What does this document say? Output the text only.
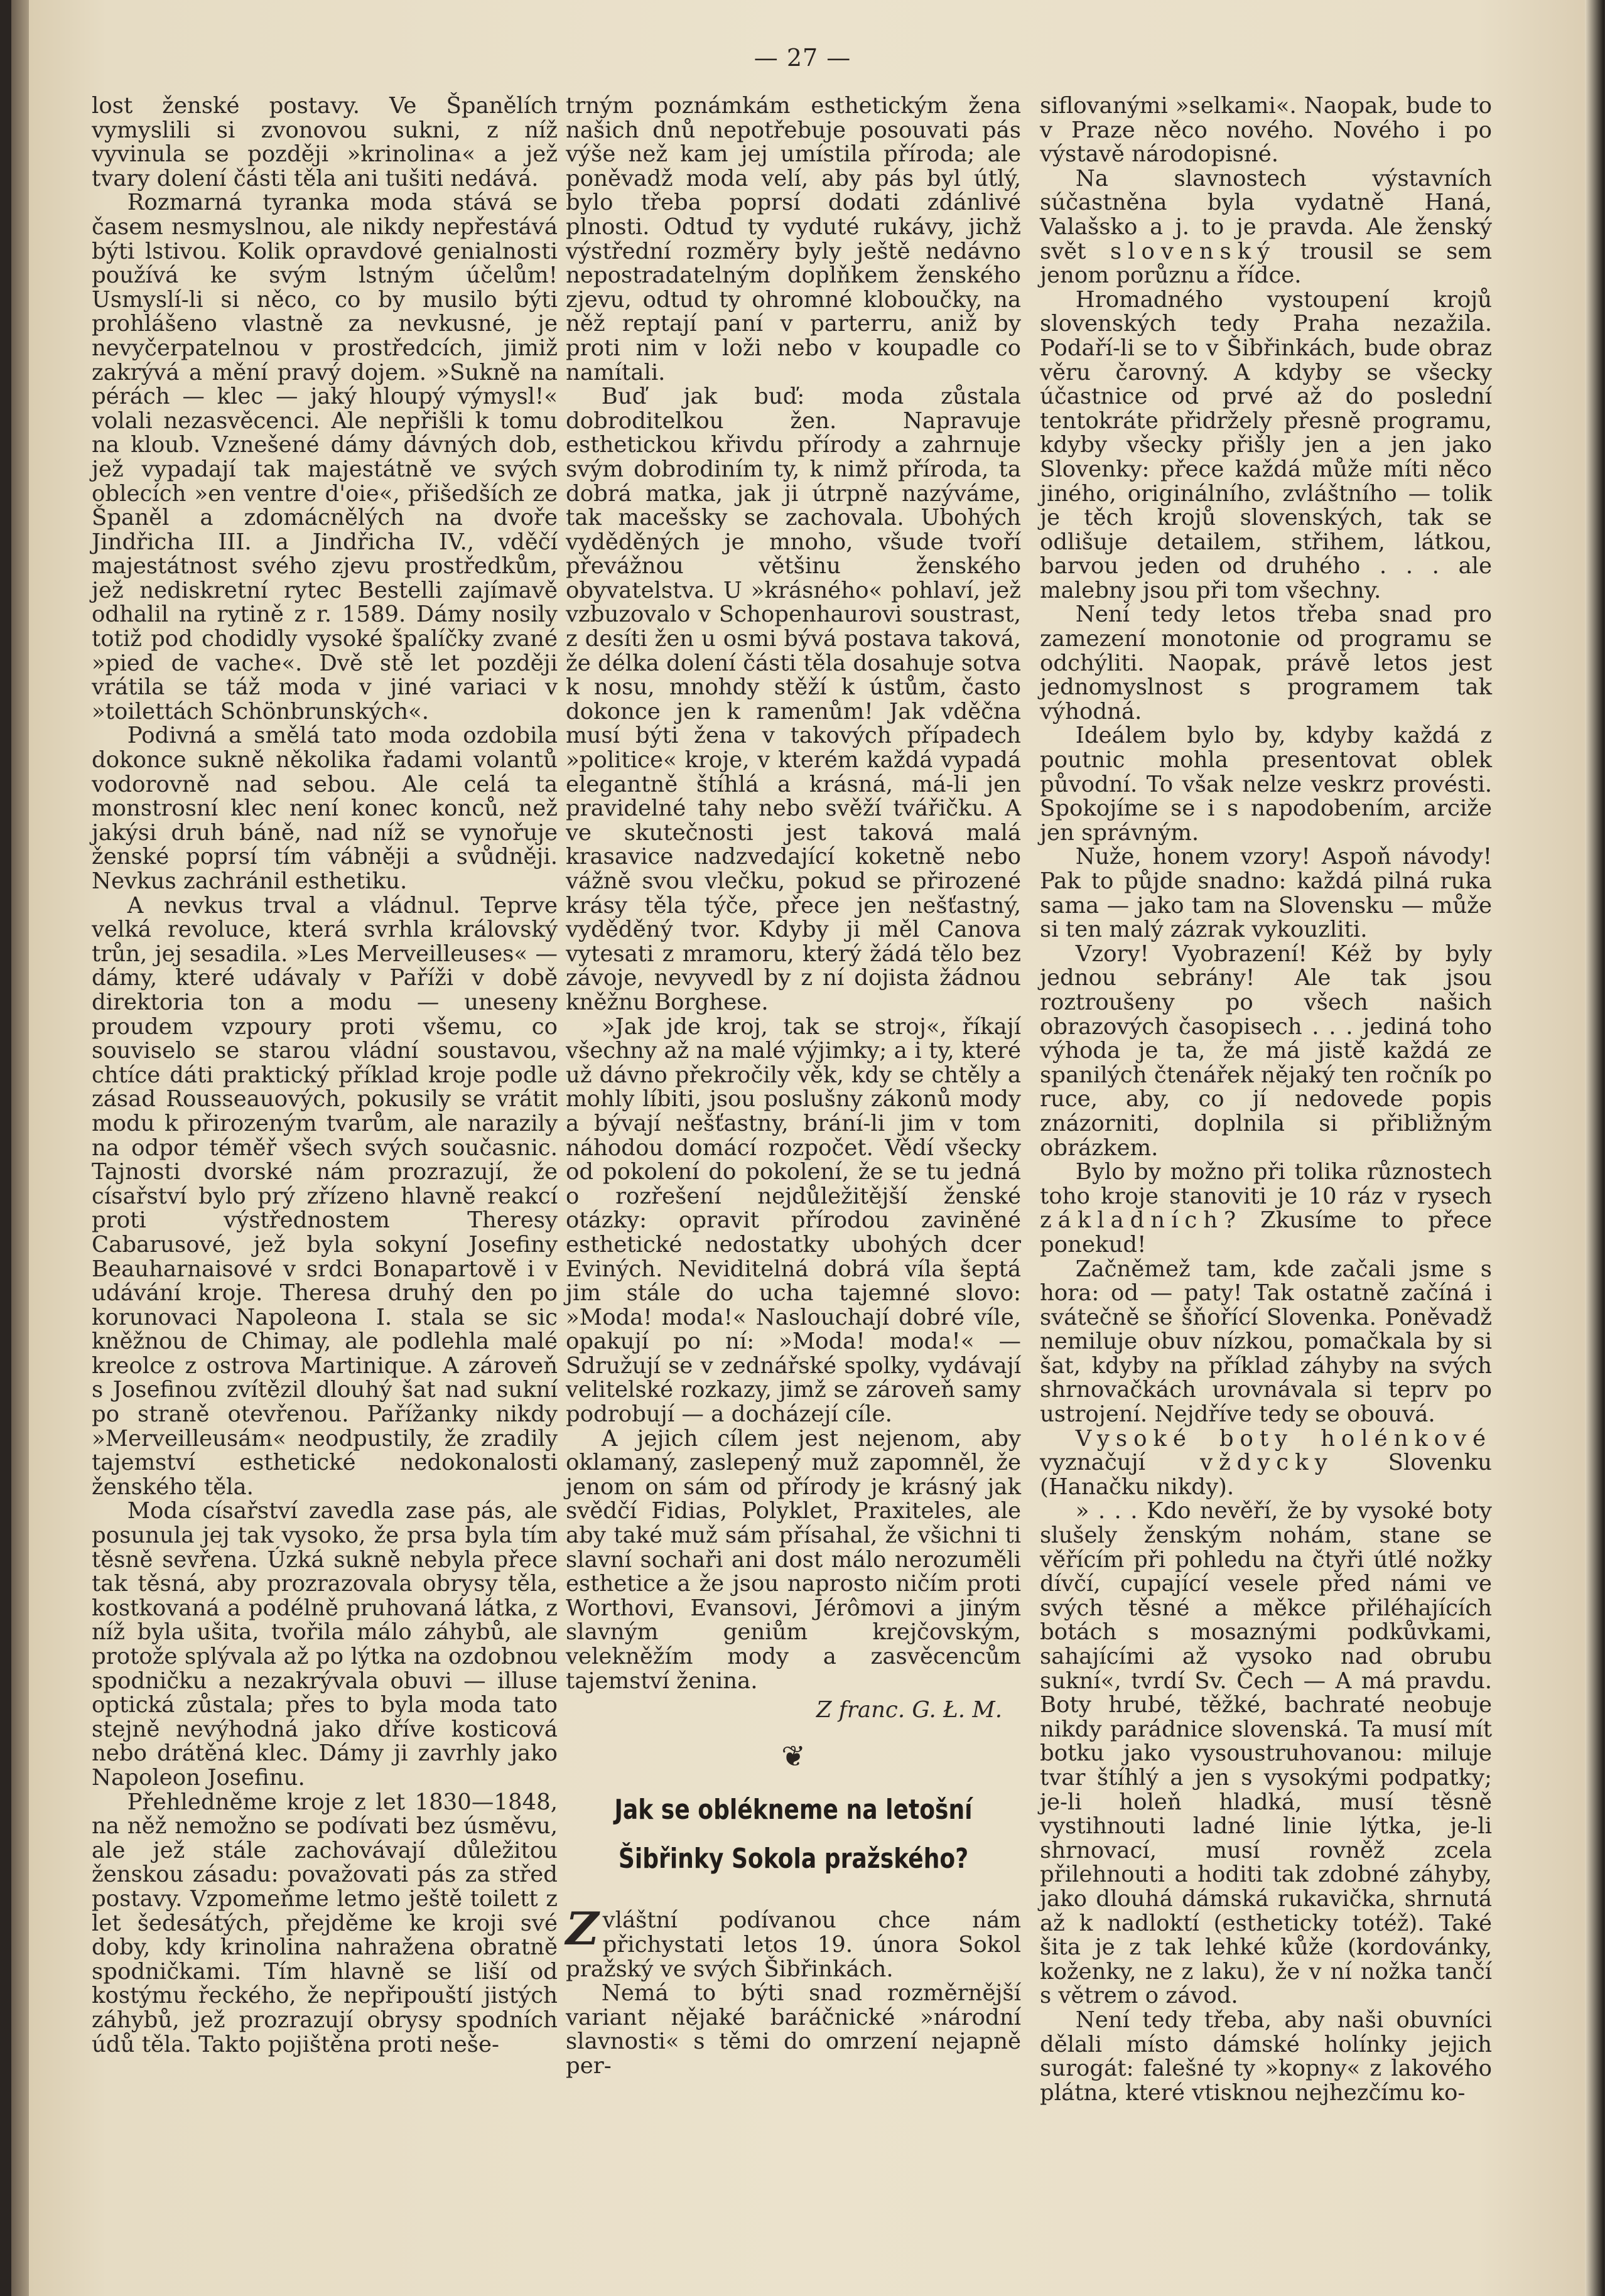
— 27 —

lost ženské postavy. Ve Španělích vymyslili si zvonovou sukni, z níž vyvinula se později »krinolina« a jež tvary dolení části těla ani tušiti nedává.

Rozmarná tyranka moda stává se časem nesmyslnou, ale nikdy nepřestává býti lstivou. Kolik opravdové genialnosti používá ke svým lstným účelům! Usmyslí-li si něco, co by musilo býti prohlášeno vlastně za nevkusné, je nevyčerpatelnou v prostředcích, jimiž zakrývá a mění pravý dojem. »Sukně na pérách — klec — jaký hloupý výmysl!« volali nezasvěcenci. Ale nepřišli k tomu na kloub. Vznešené dámy dávných dob, jež vypadají tak majestátně ve svých oblecích »en ventre d'oie«, přišedších ze Španěl a zdomácnělých na dvoře Jindřicha III. a Jindřicha IV., vděčí majestátnost svého zjevu prostředkům, jež nediskretní rytec Bestelli zajímavě odhalil na rytině z r. 1589. Dámy nosily totiž pod chodidly vysoké špalíčky zvané »pied de vache«. Dvě stě let později vrátila se táž moda v jiné variaci v »toilettách Schönbrunských«.

Podivná a smělá tato moda ozdobila dokonce sukně několika řadami volantů vodorovně nad sebou. Ale celá ta monstrosní klec není konec konců, než jakýsi druh báně, nad níž se vynořuje ženské poprsí tím vábněji a svůdněji. Nevkus zachránil esthetiku.

A nevkus trval a vládnul. Teprve velká revoluce, která svrhla královský trůn, jej sesadila. »Les Merveilleuses« — dámy, které udávaly v Paříži v době direktoria ton a modu — uneseny proudem vzpoury proti všemu, co souviselo se starou vládní soustavou, chtíce dáti praktický příklad kroje podle zásad Rousseauových, pokusily se vrátit modu k přirozeným tvarům, ale narazily na odpor téměř všech svých současnic. Tajnosti dvorské nám prozrazují, že císařství bylo prý zřízeno hlavně reakcí proti výstřednostem Theresy Cabarusové, jež byla sokyní Josefiny Beauharnaisové v srdci Bonapartově i v udávání kroje. Theresa druhý den po korunovaci Napoleona I. stala se sic kněžnou de Chimay, ale podlehla malé kreolce z ostrova Martinique. A zároveň s Josefinou zvítězil dlouhý šat nad sukní po straně otevřenou. Pařížanky nikdy »Merveilleusám« neodpustily, že zradily tajemství esthetické nedokonalosti ženského těla.

Moda císařství zavedla zase pás, ale posunula jej tak vysoko, že prsa byla tím těsně sevřena. Úzká sukně nebyla přece tak těsná, aby prozrazovala obrysy těla, kostkovaná a podélně pruhovaná látka, z níž byla ušita, tvořila málo záhybů, ale protože splývala až po lýtka na ozdobnou spodničku a nezakrývala obuvi — illuse optická zůstala; přes to byla moda tato stejně nevýhodná jako dříve kosticová nebo drátěná klec. Dámy ji zavrhly jako Napoleon Josefinu.

Přehledněme kroje z let 1830—1848, na něž nemožno se podívati bez úsměvu, ale jež stále zachovávají důležitou ženskou zásadu: považovati pás za střed postavy. Vzpomeňme letmo ještě toilett z let šedesátých, přejděme ke kroji své doby, kdy krinolina nahražena obratně spodničkami. Tím hlavně se liší od kostýmu řeckého, že nepřipouští jistých záhybů, jež prozrazují obrysy spodních údů těla. Takto pojištěna proti neše-

trným poznámkám esthetickým žena našich dnů nepotřebuje posouvati pás výše než kam jej umístila příroda; ale poněvadž moda velí, aby pás byl útlý, bylo třeba poprsí dodati zdánlivé plnosti. Odtud ty vyduté rukávy, jichž výstřední rozměry byly ještě nedávno nepostradatelným doplňkem ženského zjevu, odtud ty ohromné kloboučky, na něž reptají paní v parterru, aniž by proti nim v loži nebo v koupadle co namítali.

Buď jak buď: moda zůstala dobroditelkou žen. Napravuje esthetickou křivdu přírody a zahrnuje svým dobrodiním ty, k nimž příroda, ta dobrá matka, jak ji útrpně nazýváme, tak macešsky se zachovala. Ubohých vyděděných je mnoho, všude tvoří převážnou většinu ženského obyvatelstva. U »krásného« pohlaví, jež vzbuzovalo v Schopenhaurovi soustrast, z desíti žen u osmi bývá postava taková, že délka dolení části těla dosahuje sotva k nosu, mnohdy stěží k ústům, často dokonce jen k ramenům! Jak vděčna musí býti žena v takových případech »politice« kroje, v kterém každá vypadá elegantně štíhlá a krásná, má-li jen pravidelné tahy nebo svěží tvářičku. A ve skutečnosti jest taková malá krasavice nadzvedající koketně nebo vážně svou vlečku, pokud se přirozené krásy těla týče, přece jen nešťastný, vyděděný tvor. Kdyby ji měl Canova vytesati z mramoru, který žádá tělo bez závoje, nevyvedl by z ní dojista žádnou kněžnu Borghese.

»Jak jde kroj, tak se stroj«, říkají všechny až na malé výjimky; a i ty, které už dávno překročily věk, kdy se chtěly a mohly líbiti, jsou poslušny zákonů mody a bývají nešťastny, brání-li jim v tom náhodou domácí rozpočet. Vědí všecky od pokolení do pokolení, že se tu jedná o rozřešení nejdůležitější ženské otázky: opravit přírodou zaviněné esthetické nedostatky ubohých dcer Eviných. Neviditelná dobrá víla šeptá jim stále do ucha tajemné slovo: »Moda! moda!« Naslouchají dobré víle, opakují po ní: »Moda! moda!« — Sdružují se v zednářské spolky, vydávají velitelské rozkazy, jimž se zároveň samy podrobují — a docházejí cíle.

A jejich cílem jest nejenom, aby oklamaný, zaslepený muž zapomněl, že jenom on sám od přírody je krásný jak svědčí Fidias, Polyklet, Praxiteles, ale aby také muž sám přísahal, že všichni ti slavní sochaři ani dost málo nerozuměli esthetice a že jsou naprosto ničím proti Worthovi, Evansovi, Jérômovi a jiným slavným geniům krejčovským, velekněžím mody a zasvěcencům tajemství ženina.

Z franc. G. Ł. M.

❦
Jak se oblékneme na letošní Šibřinky Sokola pražského?

Zvláštní podívanou chce nám přichystati letos 19. února Sokol pražský ve svých Šibřinkách.

Nemá to býti snad rozměrnější variant nějaké baráčnické »národní slavnosti« s těmi do omrzení nejapně per-

siflovanými »selkami«. Naopak, bude to v Praze něco nového. Nového i po výstavě národopisné.

Na slavnostech výstavních súčastněna byla vydatně Haná, Valašsko a j. to je pravda. Ale ženský svět slovenský trousil se sem jenom porůznu a řídce.

Hromadného vystoupení krojů slovenských tedy Praha nezažila. Podaří-li se to v Šibřinkách, bude obraz věru čarovný. A kdyby se všecky účastnice od prvé až do poslední tentokráte přidržely přesně programu, kdyby všecky přišly jen a jen jako Slovenky: přece každá může míti něco jiného, originálního, zvláštního — tolik je těch krojů slovenských, tak se odlišuje detailem, střihem, látkou, barvou jeden od druhého . . . ale malebny jsou při tom všechny.

Není tedy letos třeba snad pro zamezení monotonie od programu se odchýliti. Naopak, právě letos jest jednomyslnost s programem tak výhodná.

Ideálem bylo by, kdyby každá z poutnic mohla presentovat oblek původní. To však nelze veskrz provésti. Spokojíme se i s napodobením, arciže jen správným.

Nuže, honem vzory! Aspoň návody! Pak to půjde snadno: každá pilná ruka sama — jako tam na Slovensku — může si ten malý zázrak vykouzliti.

Vzory! Vyobrazení! Kéž by byly jednou sebrány! Ale tak jsou roztroušeny po všech našich obrazových časopisech . . . jediná toho výhoda je ta, že má jistě každá ze spanilých čtenářek nějaký ten ročník po ruce, aby, co jí nedovede popis znázorniti, doplnila si přibližným obrázkem.

Bylo by možno při tolika různostech toho kroje stanoviti je 10 ráz v rysech základních? Zkusíme to přece ponekud!

Začněmež tam, kde začali jsme s hora: od — paty! Tak ostatně začíná i svátečně se šňořící Slovenka. Poněvadž nemiluje obuv nízkou, pomačkala by si šat, kdyby na příklad záhyby na svých shrnovačkách urovnávala si teprv po ustrojení. Nejdříve tedy se obouvá.

Vysoké boty holénkové vyznačují vždycky Slovenku (Hanačku nikdy).

» . . . Kdo nevěří, že by vysoké boty slušely ženským nohám, stane se věřícím při pohledu na čtyři útlé nožky dívčí, cupající vesele před námi ve svých těsné a měkce přiléhajících botách s mosaznými podkůvkami, sahajícími až vysoko nad obrubu sukní«, tvrdí Sv. Čech — A má pravdu. Boty hrubé, těžké, bachraté neobuje nikdy parádnice slovenská. Ta musí mít botku jako vysoustruhovanou: miluje tvar štíhlý a jen s vysokými podpatky; je-li holeň hladká, musí těsně vystihnouti ladné linie lýtka, je-li shrnovací, musí rovněž zcela přilehnouti a hoditi tak zdobné záhyby, jako dlouhá dámská rukavička, shrnutá až k nadloktí (estheticky totéž). Také šita je z tak lehké kůže (kordovánky, koženky, ne z laku), že v ní nožka tančí s větrem o závod.

Není tedy třeba, aby naši obuvníci dělali místo dámské holínky jejich surogát: falešné ty »kopny« z lakového plátna, které vtisknou nejhezčímu ko-
